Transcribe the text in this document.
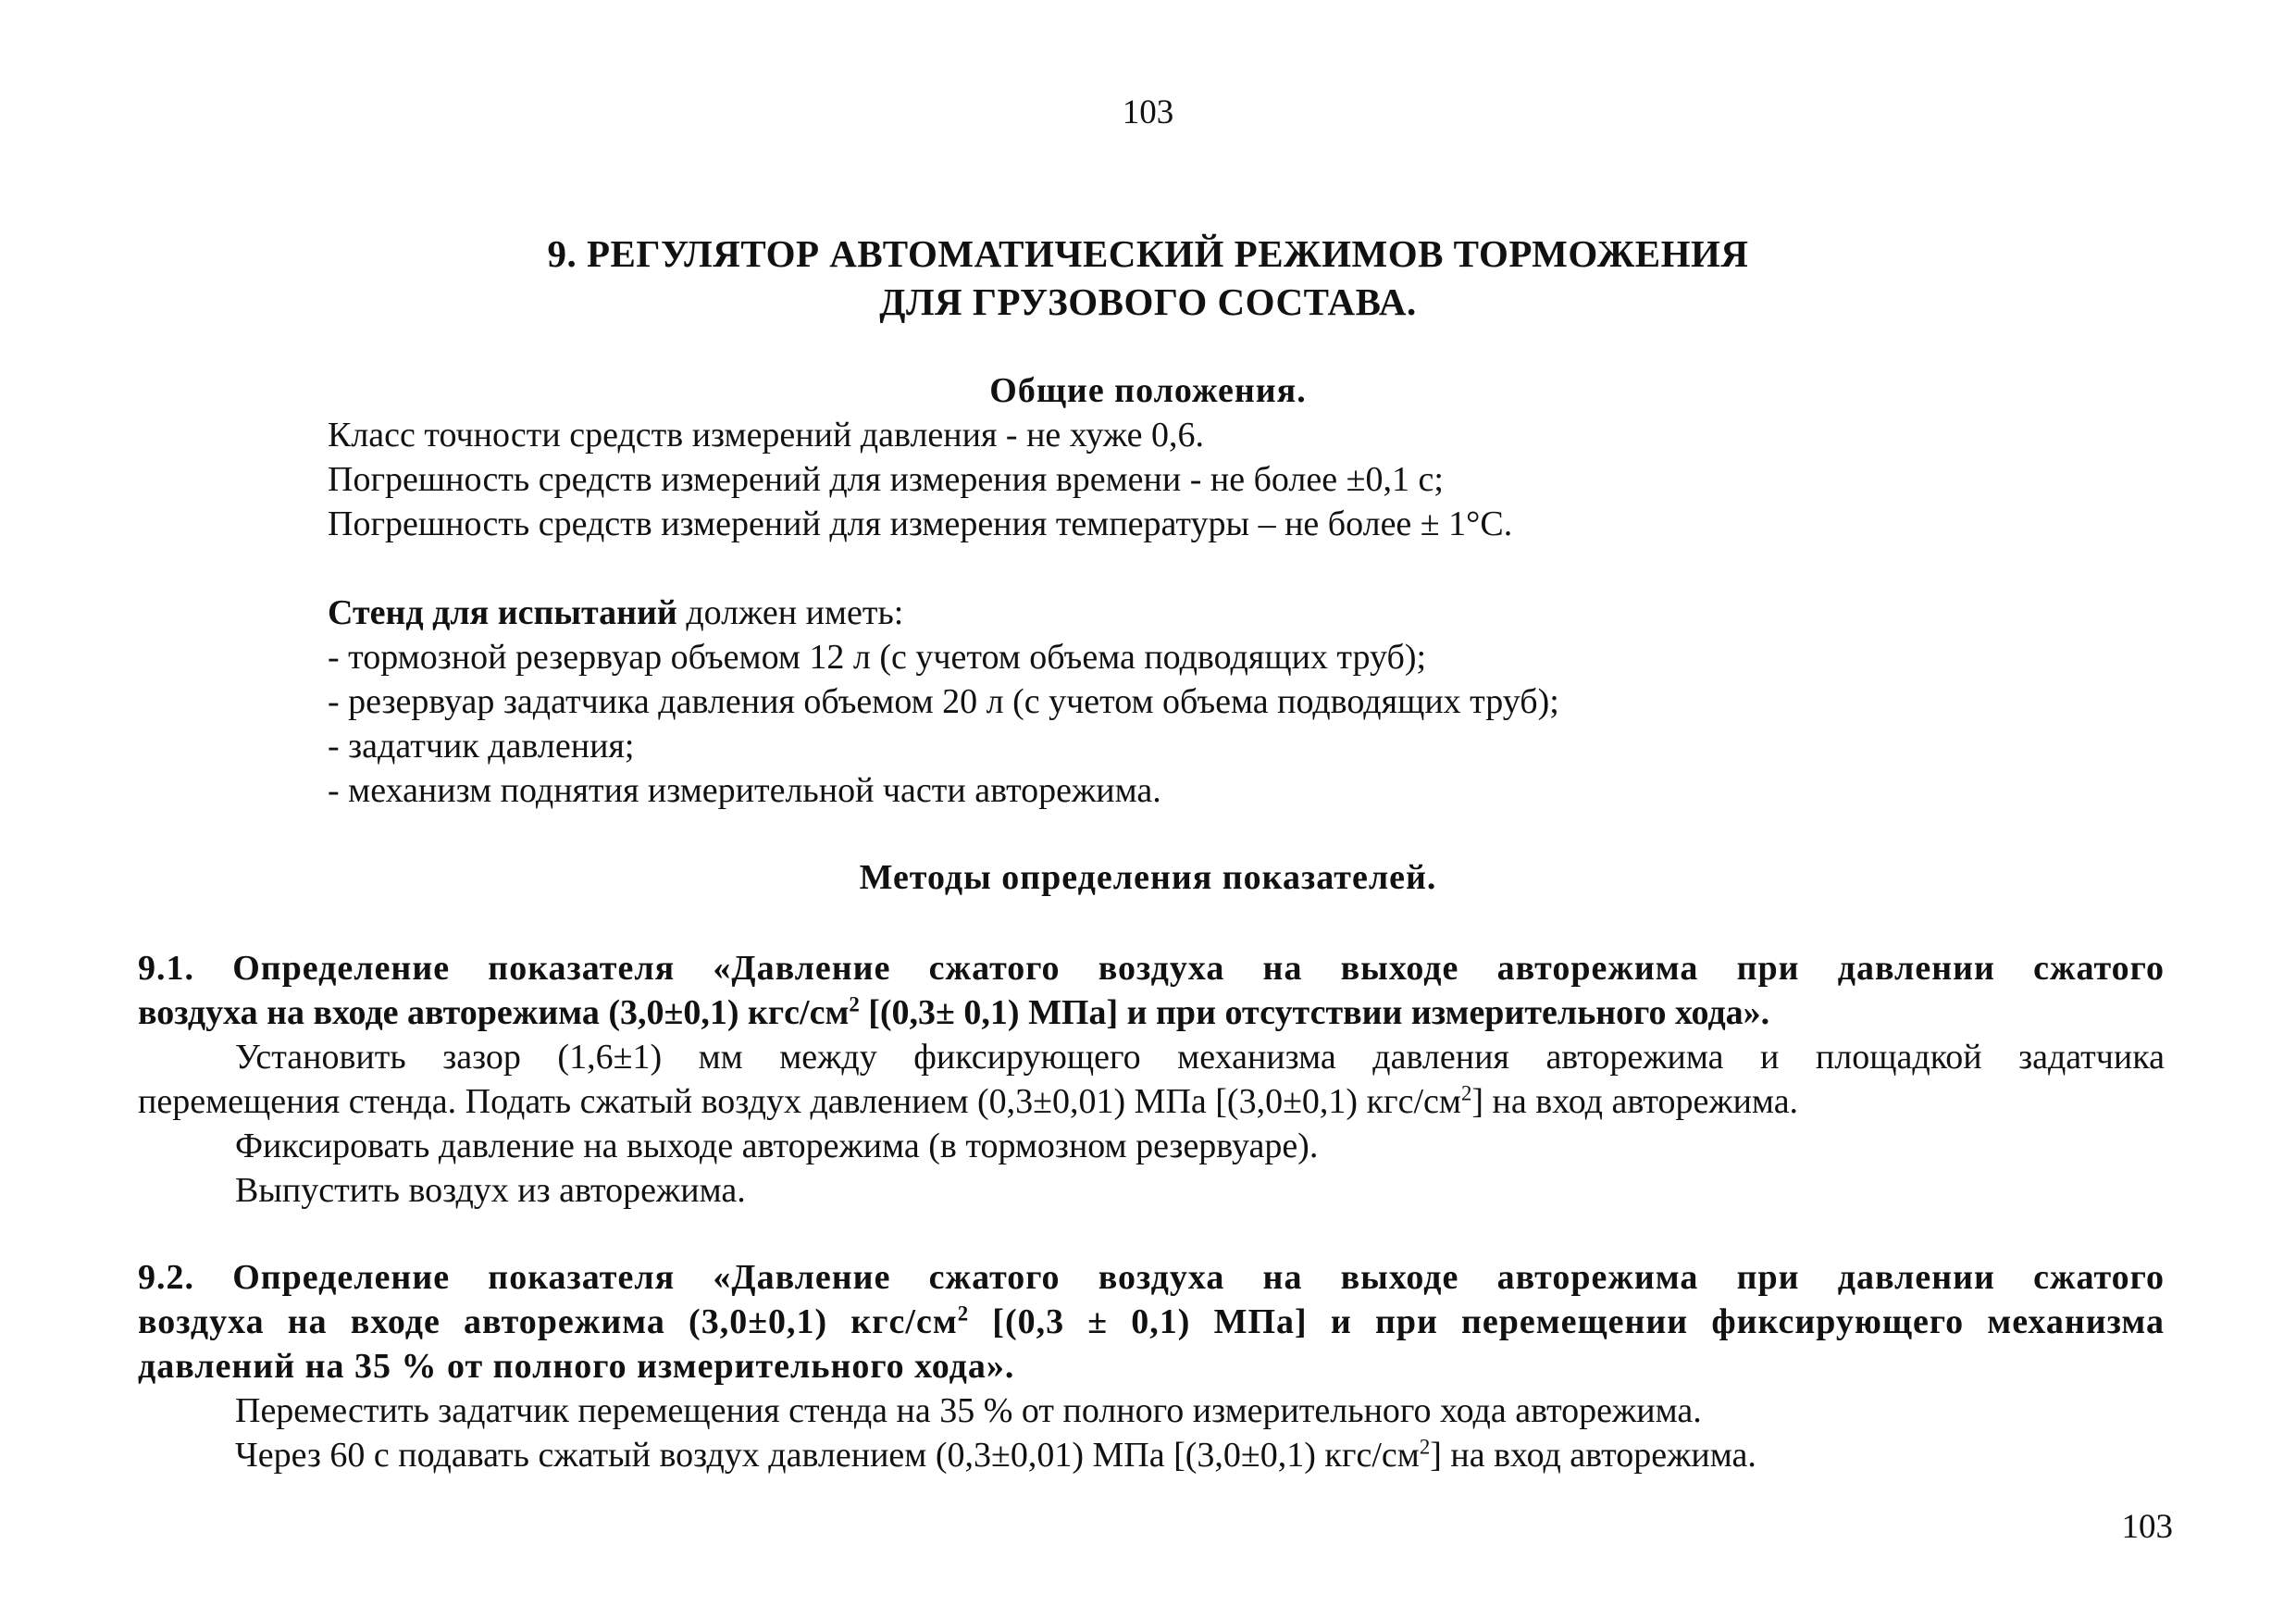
103
9. РЕГУЛЯТОР АВТОМАТИЧЕСКИЙ РЕЖИМОВ ТОРМОЖЕНИЯ
ДЛЯ ГРУЗОВОГО СОСТАВА.
Общие положения.
Класс точности средств измерений давления - не хуже 0,6.
Погрешность средств измерений для измерения времени - не более ±0,1 с;
Погрешность средств измерений для измерения температуры – не более ± 1°С.
Стенд для испытаний должен иметь:
- тормозной резервуар объемом 12 л (с учетом объема подводящих труб);
- резервуар задатчика давления объемом 20 л (с учетом объема подводящих труб);
- задатчик давления;
- механизм поднятия измерительной части авторежима.
Методы определения показателей.
9.1. Определение показателя «Давление сжатого воздуха на выходе авторежима при давлении сжатого
воздуха на входе авторежима (3,0±0,1) кгс/$см^2$ [(0,3± 0,1) МПа] и при отсутствии измерительного хода».
Установить зазор (1,6±1) мм между фиксирующего механизма давления авторежима и площадкой задатчика
перемещения стенда. Подать сжатый воздух давлением (0,3±0,01) МПа [(3,0±0,1) кгс/$см^2$] на вход авторежима.
Фиксировать давление на выходе авторежима (в тормозном резервуаре).
Выпустить воздух из авторежима.
9.2. Определение показателя «Давление сжатого воздуха на выходе авторежима при давлении сжатого
воздуха на входе авторежима (3,0±0,1) кгс/$см^2$ [(0,3 ± 0,1) МПа] и при перемещении фиксирующего механизма
давлений на 35 % от полного измерительного хода».
Переместить задатчик перемещения стенда на 35 % от полного измерительного хода авторежима.
Через 60 с подавать сжатый воздух давлением (0,3±0,01) МПа [(3,0±0,1) кгс/$см^2$] на вход авторежима.
103
